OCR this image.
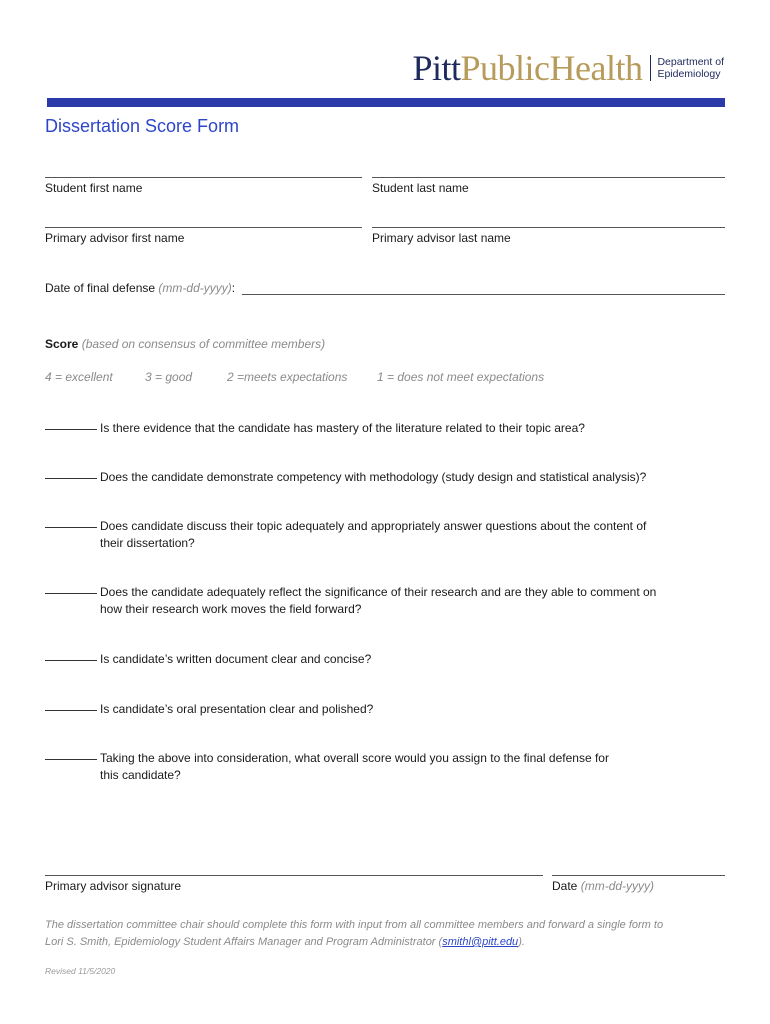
Pitt PublicHealth Department of
Epidemiology
Dissertation Score Form
Student first name	Student last name
Primary advisor first name	Primary advisor last name
Date of final defense (mm-dd-yyyy):
Score (based on consensus of committee members)
4 = excellent	3 = good	2 =meets expectations 1 = does not meet expectations
Is there evidence that the candidate has mastery of the literature related to their topic area?
Does the candidate demonstrate competency with methodology (study design and statistical analysis)?
Does candidate discuss their topic adequately and appropriately answer questions about the content of
their dissertation?
Does the candidate adequately reflect the significance of their research and are they able to comment on
how their research work moves the field forward?
Is candidate’s written document clear and concise?
Is candidate’s oral presentation clear and polished?
Taking the above into consideration, what overall score would you assign to the final defense for
this candidate?
Primary advisor signature	Date (mm-dd-yyyy)
The dissertation committee chair should complete this form with input from all committee members and forward a single form to
Lori S. Smith, Epidemiology Student Affairs Manager and Program Administrator (smithl@pitt.edu).
Revised 11/5/2020
